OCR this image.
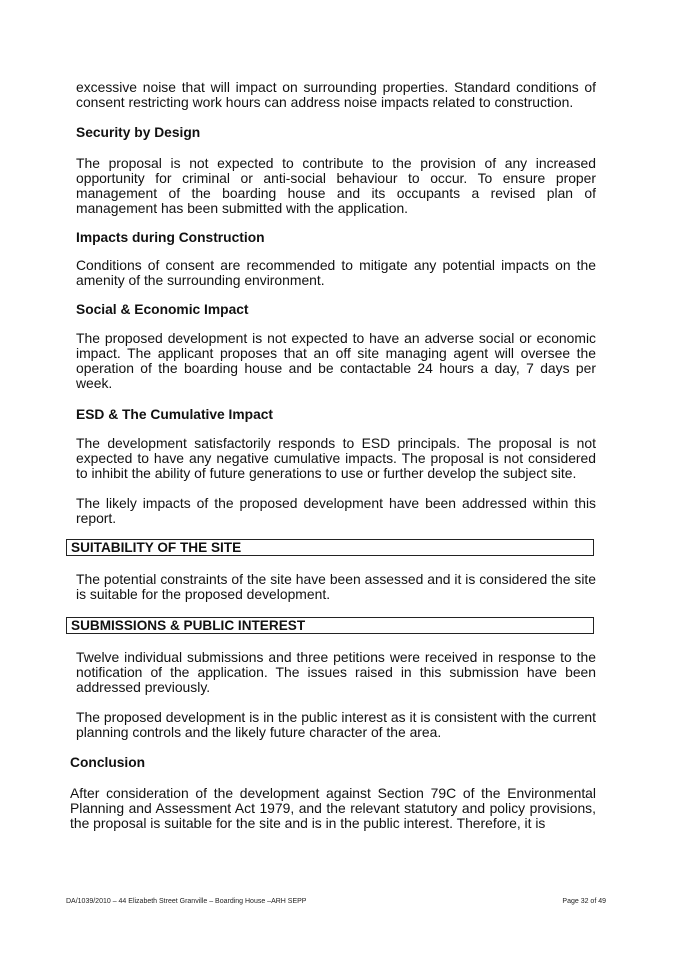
excessive noise that will impact on surrounding properties. Standard conditions of consent restricting work hours can address noise impacts related to construction.

Security by Design

The proposal is not expected to contribute to the provision of any increased opportunity for criminal or anti-social behaviour to occur. To ensure proper management of the boarding house and its occupants a revised plan of management has been submitted with the application.

Impacts during Construction

Conditions of consent are recommended to mitigate any potential impacts on the amenity of the surrounding environment.

Social & Economic Impact

The proposed development is not expected to have an adverse social or economic impact. The applicant proposes that an off site managing agent will oversee the operation of the boarding house and be contactable 24 hours a day, 7 days per week.

ESD & The Cumulative Impact

The development satisfactorily responds to ESD principals. The proposal is not expected to have any negative cumulative impacts. The proposal is not considered to inhibit the ability of future generations to use or further develop the subject site.

The likely impacts of the proposed development have been addressed within this report.

SUITABILITY OF THE SITE

The potential constraints of the site have been assessed and it is considered the site is suitable for the proposed development.

SUBMISSIONS & PUBLIC INTEREST

Twelve individual submissions and three petitions were received in response to the notification of the application. The issues raised in this submission have been addressed previously.

The proposed development is in the public interest as it is consistent with the current planning controls and the likely future character of the area.

Conclusion

After consideration of the development against Section 79C of the Environmental Planning and Assessment Act 1979, and the relevant statutory and policy provisions, the proposal is suitable for the site and is in the public interest. Therefore, it is

DA/1039/2010 – 44 Elizabeth Street Granville – Boarding House –ARH SEPP	Page 32 of 49
